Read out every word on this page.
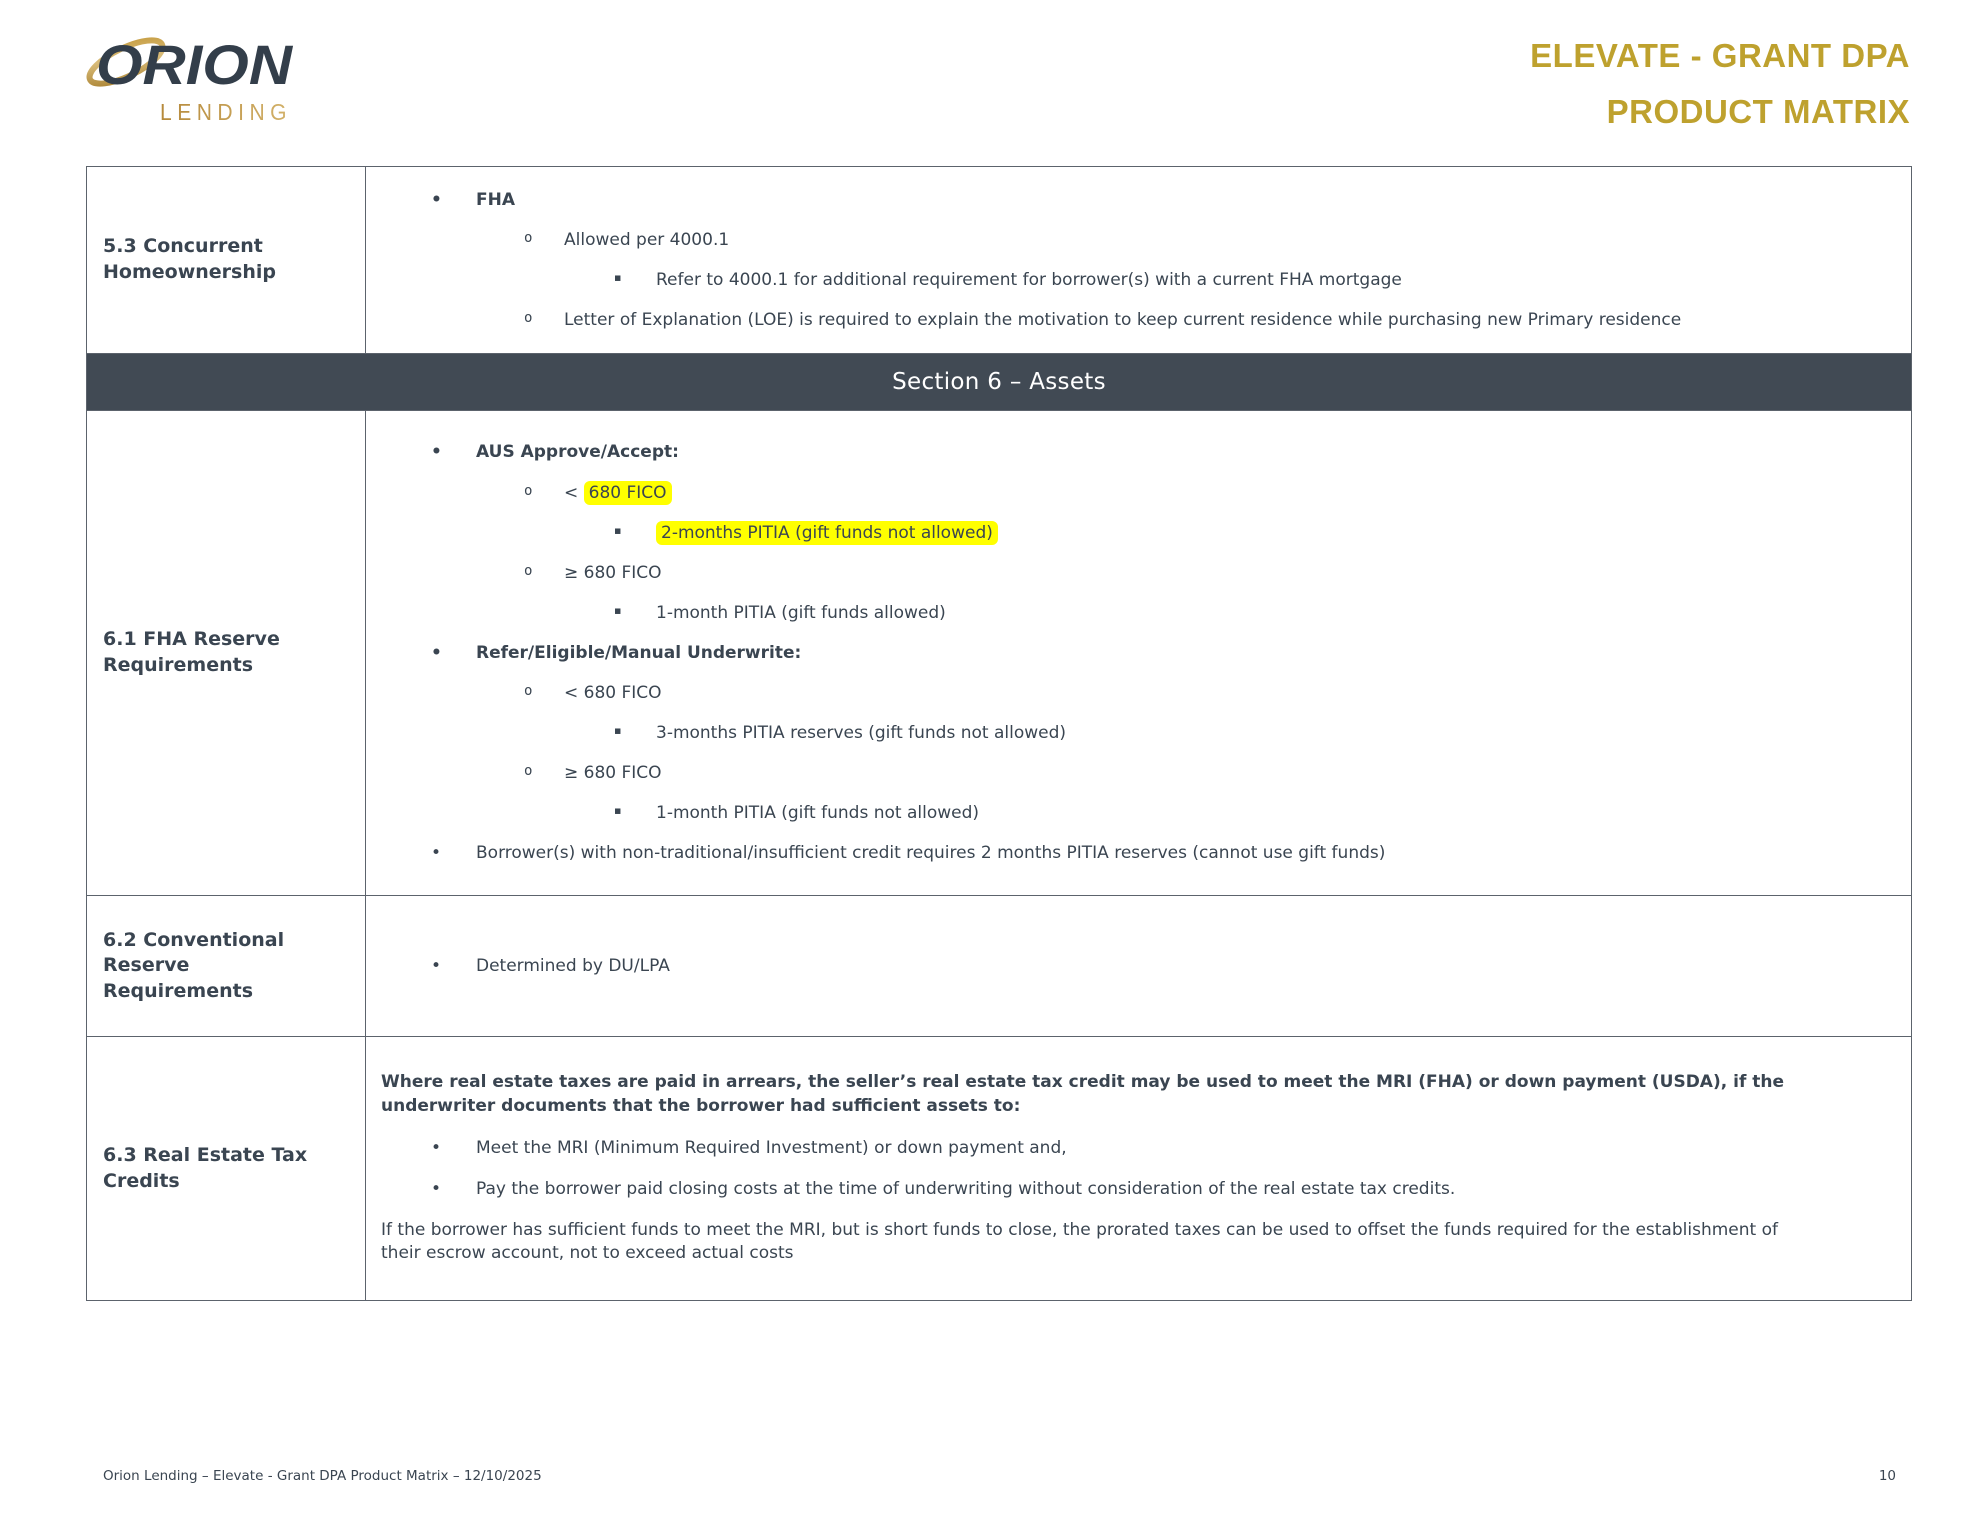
ORION
LENDING
ELEVATE - GRANT DPA
PRODUCT MATRIX
5.3 Concurrent Homeownership
•	FHA
o	Allowed per 4000.1
▪	Refer to 4000.1 for additional requirement for borrower(s) with a current FHA mortgage
o	Letter of Explanation (LOE) is required to explain the motivation to keep current residence while purchasing new Primary residence
Section 6 – Assets
6.1 FHA Reserve Requirements
•	AUS Approve/Accept:
o	< 680 FICO
▪	2-months PITIA (gift funds not allowed)
o	≥ 680 FICO
▪	1-month PITIA (gift funds allowed)
•	Refer/Eligible/Manual Underwrite:
o	< 680 FICO
▪	3-months PITIA reserves (gift funds not allowed)
o	≥ 680 FICO
▪	1-month PITIA (gift funds not allowed)
•	Borrower(s) with non-traditional/insufficient credit requires 2 months PITIA reserves (cannot use gift funds)
6.2 Conventional Reserve Requirements
•	Determined by DU/LPA
6.3 Real Estate Tax Credits
Where real estate taxes are paid in arrears, the seller’s real estate tax credit may be used to meet the MRI (FHA) or down payment (USDA), if the underwriter documents that the borrower had sufficient assets to:
•	Meet the MRI (Minimum Required Investment) or down payment and,
•	Pay the borrower paid closing costs at the time of underwriting without consideration of the real estate tax credits.
If the borrower has sufficient funds to meet the MRI, but is short funds to close, the prorated taxes can be used to offset the funds required for the establishment of their escrow account, not to exceed actual costs
Orion Lending – Elevate - Grant DPA Product Matrix – 12/10/2025	10
